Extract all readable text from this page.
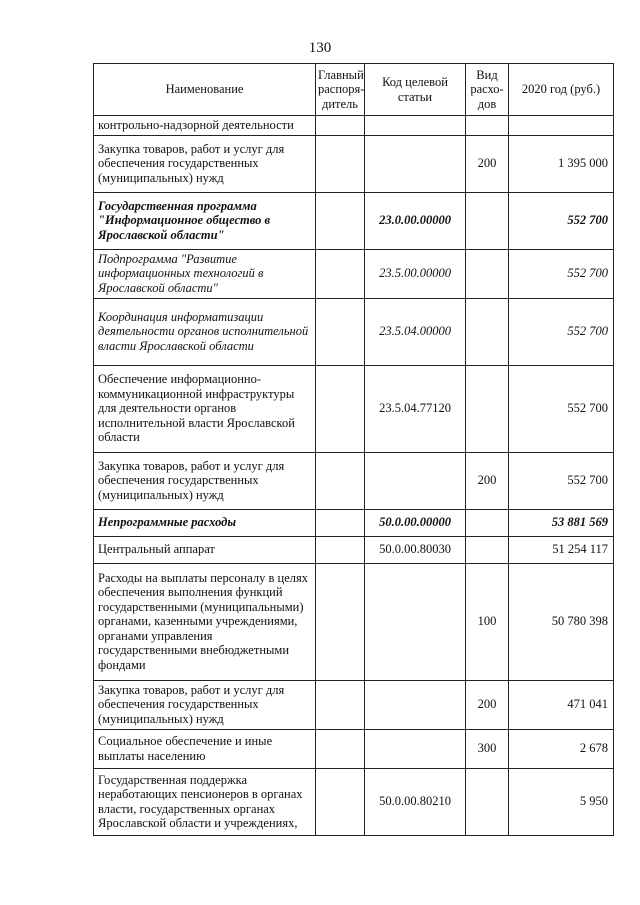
130
Наименование	Главный распоря-дитель	Код целевой статьи	Вид расхо-дов	2020 год (руб.)
контрольно-надзорной деятельности				
Закупка товаров, работ и услуг для обеспечения государственных (муниципальных) нужд			200	1 395 000
Государственная программа "Информационное общество в Ярославской области"		23.0.00.00000		552 700
Подпрограмма "Развитие информационных технологий в Ярославской области"		23.5.00.00000		552 700
Координация информатизации деятельности органов исполнительной власти Ярославской области		23.5.04.00000		552 700
Обеспечение информационно-коммуникационной инфраструктуры для деятельности органов исполнительной власти Ярославской области		23.5.04.77120		552 700
Закупка товаров, работ и услуг для обеспечения государственных (муниципальных) нужд			200	552 700
Непрограммные расходы		50.0.00.00000		53 881 569
Центральный аппарат		50.0.00.80030		51 254 117
Расходы на выплаты персоналу в целях обеспечения выполнения функций государственными (муниципальными) органами, казенными учреждениями, органами управления государственными внебюджетными фондами			100	50 780 398
Закупка товаров, работ и услуг для обеспечения государственных (муниципальных) нужд			200	471 041
Социальное обеспечение и иные выплаты населению			300	2 678
Государственная поддержка неработающих пенсионеров в органах власти, государственных органах Ярославской области и учреждениях,		50.0.00.80210		5 950
